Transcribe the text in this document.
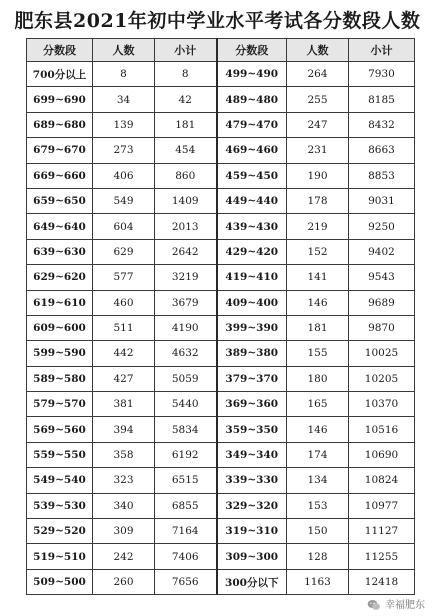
肥东县2021年初中学业水平考试各分数段人数
分数段	人数	小计	分数段	人数	小计
700分以上	8	8	499~490	264	7930
699~690	34	42	489~480	255	8185
689~680	139	181	479~470	247	8432
679~670	273	454	469~460	231	8663
669~660	406	860	459~450	190	8853
659~650	549	1409	449~440	178	9031
649~640	604	2013	439~430	219	9250
639~630	629	2642	429~420	152	9402
629~620	577	3219	419~410	141	9543
619~610	460	3679	409~400	146	9689
609~600	511	4190	399~390	181	9870
599~590	442	4632	389~380	155	10025
589~580	427	5059	379~370	180	10205
579~570	381	5440	369~360	165	10370
569~560	394	5834	359~350	146	10516
559~550	358	6192	349~340	174	10690
549~540	323	6515	339~330	134	10824
539~530	340	6855	329~320	153	10977
529~520	309	7164	319~310	150	11127
519~510	242	7406	309~300	128	11255
509~500	260	7656	300分以下	1163	12418
幸福肥东
